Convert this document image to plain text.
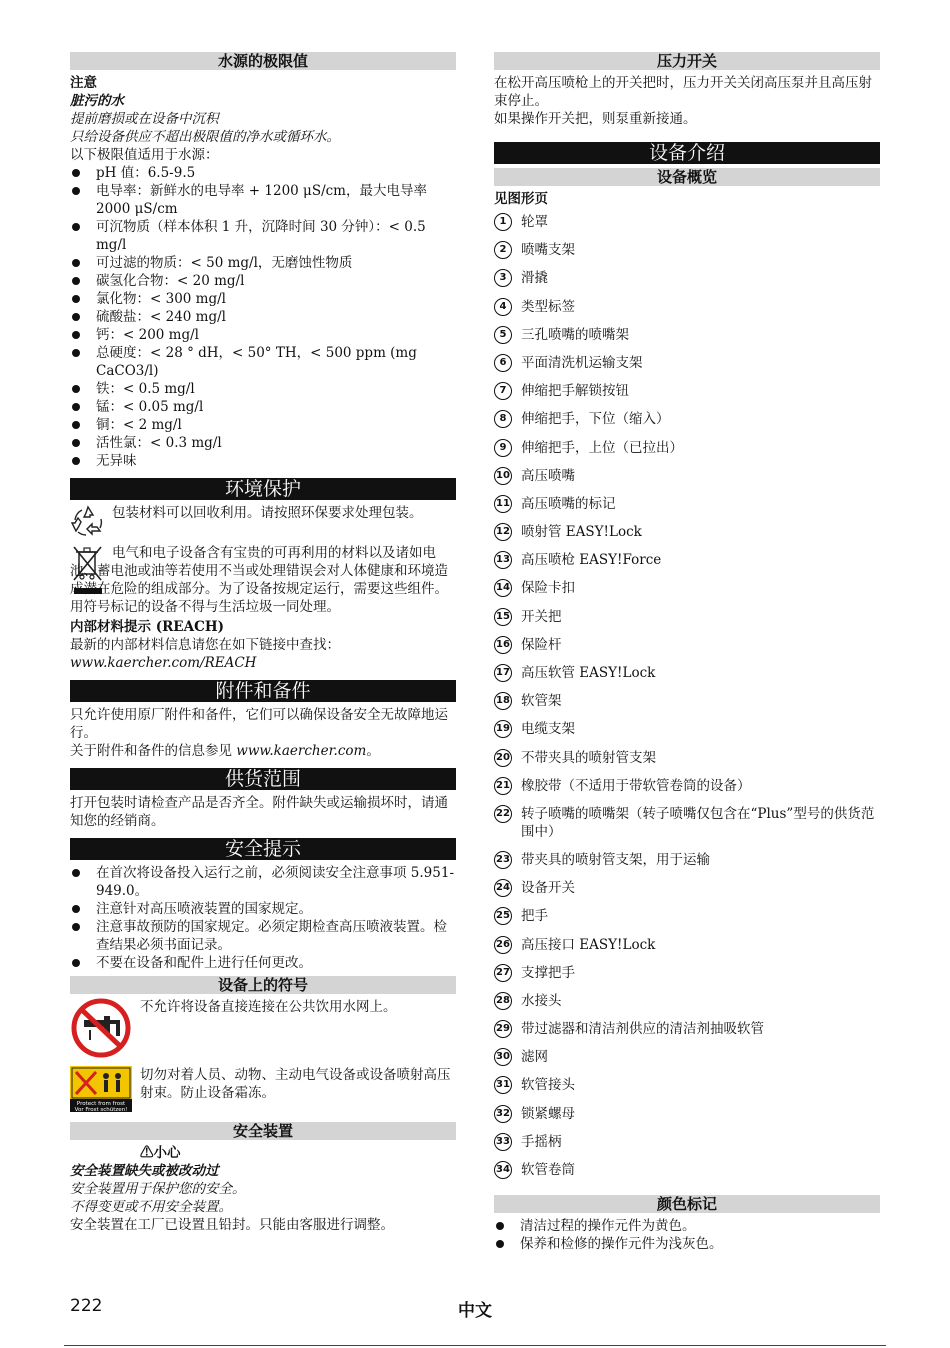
水源的极限值

注意

脏污的水

提前磨损或在设备中沉积

只给设备供应不超出极限值的净水或循环水。

以下极限值适用于水源：

pH 值：6.5-9.5
电导率：新鲜水的电导率 + 1200 μS/cm，最大电导率 2000 μS/cm
可沉物质（样本体积 1 升，沉降时间 30 分钟）：< 0.5 mg/l
可过滤的物质：< 50 mg/l，无磨蚀性物质
碳氢化合物：< 20 mg/l
氯化物：< 300 mg/l
硫酸盐：< 240 mg/l
钙：< 200 mg/l
总硬度：< 28 ° dH，< 50° TH，< 500 ppm (mg CaCO3/l)
铁：< 0.5 mg/l
锰：< 0.05 mg/l
铜：< 2 mg/l
活性氯：< 0.3 mg/l
无异味
环境保护

包装材料可以回收利用。请按照环保要求处理包装。

电气和电子设备含有宝贵的可再利用的材料以及诸如电池、蓄电池或油等若使用不当或处理错误会对人体健康和环境造成潜在危险的组成部分。为了设备按规定运行，需要这些组件。用符号标记的设备不得与生活垃圾一同处理。

内部材料提示 (REACH)

最新的内部材料信息请您在如下链接中查找：

www.kaercher.com/REACH

附件和备件

只允许使用原厂附件和备件，它们可以确保设备安全无故障地运行。

关于附件和备件的信息参见 www.kaercher.com。

供货范围

打开包装时请检查产品是否齐全。附件缺失或运输损坏时，请通知您的经销商。

安全提示
在首次将设备投入运行之前，必须阅读安全注意事项 5.951-949.0。
注意针对高压喷液装置的国家规定。
注意事故预防的国家规定。必须定期检查高压喷液装置。检查结果必须书面记录。
不要在设备和配件上进行任何更改。
设备上的符号

不允许将设备直接连接在公共饮用水网上。

Protect from frost
Vor Frost schützen!

切勿对着人员、动物、主动电气设备或设备喷射高压射束。防止设备霜冻。

安全装置

⚠小心

安全装置缺失或被改动过

安全装置用于保护您的安全。

不得变更或不用安全装置。

安全装置在工厂已设置且铅封。只能由客服进行调整。

压力开关

在松开高压喷枪上的开关把时，压力开关关闭高压泵并且高压射束停止。

如果操作开关把，则泵重新接通。

设备介绍
设备概览

见图形页

1	轮罩
2	喷嘴支架
3	滑撬
4	类型标签
5	三孔喷嘴的喷嘴架
6	平面清洗机运输支架
7	伸缩把手解锁按钮
8	伸缩把手，下位（缩入）
9	伸缩把手，上位（已拉出）
10 高压喷嘴
11 高压喷嘴的标记
12 喷射管 EASY!Lock
13 高压喷枪 EASY!Force
14 保险卡扣
15 开关把
16 保险杆
17 高压软管 EASY!Lock
18 软管架
19 电缆支架
20 不带夹具的喷射管支架
21 橡胶带（不适用于带软管卷筒的设备）
22 转子喷嘴的喷嘴架（转子喷嘴仅包含在“Plus”型号的供货范围中）
23 带夹具的喷射管支架，用于运输
24 设备开关
25 把手
26 高压接口 EASY!Lock
27 支撑把手
28 水接头
29 带过滤器和清洁剂供应的清洁剂抽吸软管
30 滤网
31 软管接头
32 锁紧螺母
33 手摇柄
34 软管卷筒
颜色标记
清洁过程的操作元件为黄色。
保养和检修的操作元件为浅灰色。
222	中文
